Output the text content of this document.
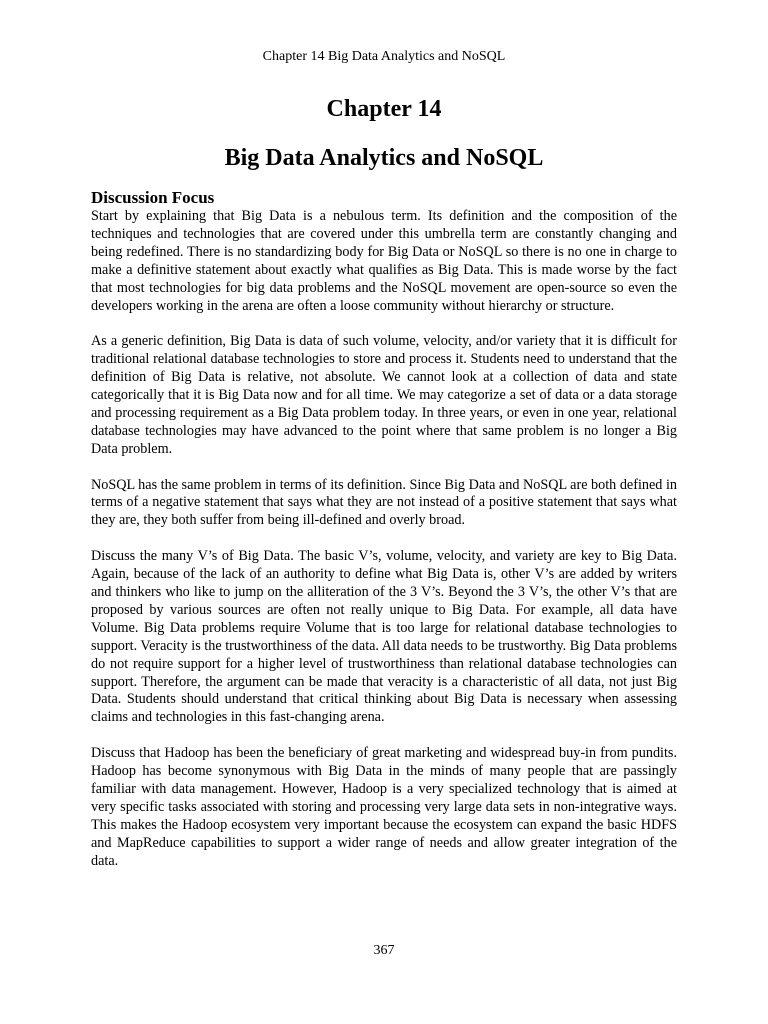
Chapter 14 Big Data Analytics and NoSQL
Chapter 14
Big Data Analytics and NoSQL
Discussion Focus

Start by explaining that Big Data is a nebulous term. Its definition and the composition of the techniques and technologies that are covered under this umbrella term are constantly changing and being redefined. There is no standardizing body for Big Data or NoSQL so there is no one in charge to make a definitive statement about exactly what qualifies as Big Data. This is made worse by the fact that most technologies for big data problems and the NoSQL movement are open-source so even the developers working in the arena are often a loose community without hierarchy or structure.

As a generic definition, Big Data is data of such volume, velocity, and/or variety that it is difficult for traditional relational database technologies to store and process it. Students need to understand that the definition of Big Data is relative, not absolute. We cannot look at a collection of data and state categorically that it is Big Data now and for all time. We may categorize a set of data or a data storage and processing requirement as a Big Data problem today. In three years, or even in one year, relational database technologies may have advanced to the point where that same problem is no longer a Big Data problem.

NoSQL has the same problem in terms of its definition. Since Big Data and NoSQL are both defined in terms of a negative statement that says what they are not instead of a positive statement that says what they are, they both suffer from being ill-defined and overly broad.

Discuss the many V’s of Big Data. The basic V’s, volume, velocity, and variety are key to Big Data. Again, because of the lack of an authority to define what Big Data is, other V’s are added by writers and thinkers who like to jump on the alliteration of the 3 V’s. Beyond the 3 V’s, the other V’s that are proposed by various sources are often not really unique to Big Data. For example, all data have Volume. Big Data problems require Volume that is too large for relational database technologies to support. Veracity is the trustworthiness of the data. All data needs to be trustworthy. Big Data problems do not require support for a higher level of trustworthiness than relational database technologies can support. Therefore, the argument can be made that veracity is a characteristic of all data, not just Big Data. Students should understand that critical thinking about Big Data is necessary when assessing claims and technologies in this fast-changing arena.

Discuss that Hadoop has been the beneficiary of great marketing and widespread buy-in from pundits. Hadoop has become synonymous with Big Data in the minds of many people that are passingly familiar with data management. However, Hadoop is a very specialized technology that is aimed at very specific tasks associated with storing and processing very large data sets in non-integrative ways. This makes the Hadoop ecosystem very important because the ecosystem can expand the basic HDFS and MapReduce capabilities to support a wider range of needs and allow greater integration of the data.

367
